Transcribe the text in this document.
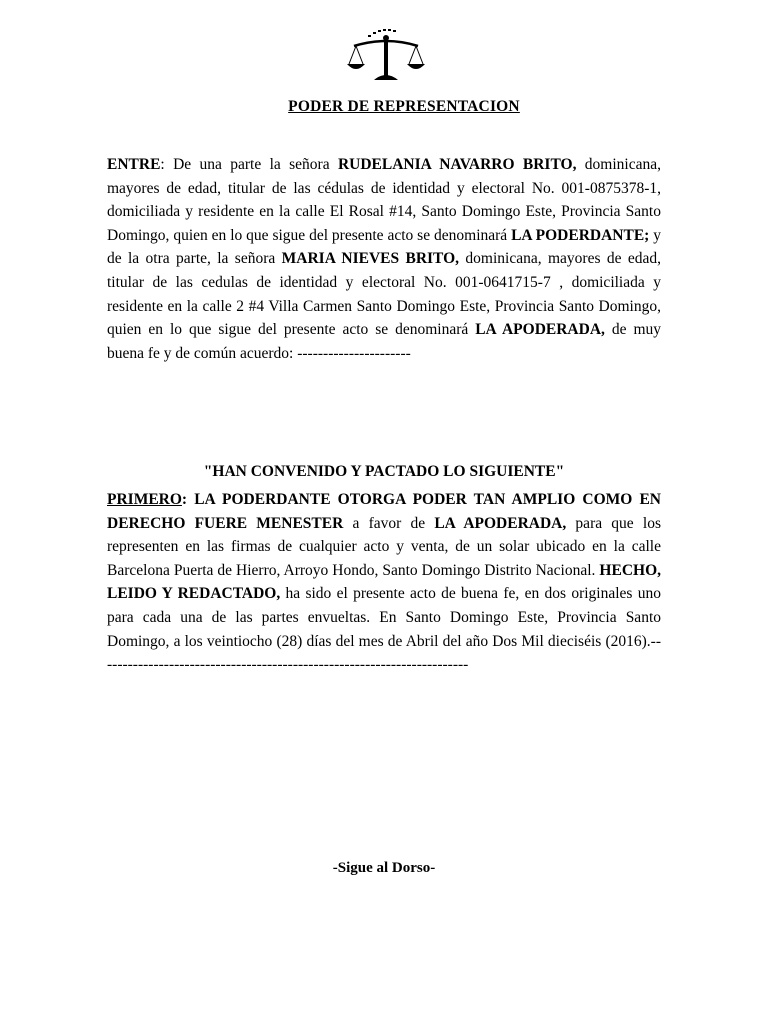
PODER DE REPRESENTACION
ENTRE: De una parte la señora RUDELANIA NAVARRO BRITO, dominicana, mayores de edad, titular de las cédulas de identidad y electoral No. 001-0875378-1, domiciliada y residente en la calle El Rosal #14, Santo Domingo Este, Provincia Santo Domingo, quien en lo que sigue del presente acto se denominará LA PODERDANTE; y de la otra parte, la señora MARIA NIEVES BRITO, dominicana, mayores de edad, titular de las cedulas de identidad y electoral No. 001-0641715-7 , domiciliada y residente en la calle 2 #4 Villa Carmen Santo Domingo Este, Provincia Santo Domingo, quien en lo que sigue del presente acto se denominará LA APODERADA, de muy buena fe y de común acuerdo: ----------------------
"HAN CONVENIDO Y PACTADO LO SIGUIENTE"
PRIMERO: LA PODERDANTE OTORGA PODER TAN AMPLIO COMO EN DERECHO FUERE MENESTER a favor de LA APODERADA, para que los representen en las firmas de cualquier acto y venta, de un solar ubicado en la calle Barcelona Puerta de Hierro, Arroyo Hondo, Santo Domingo Distrito Nacional. HECHO, LEIDO Y REDACTADO, ha sido el presente acto de buena fe, en dos originales uno para cada una de las partes envueltas. En Santo Domingo Este, Provincia Santo Domingo, a los veintiocho (28) días del mes de Abril del año Dos Mil dieciséis (2016).------------------------------------------------------------------------
-Sigue al Dorso-
